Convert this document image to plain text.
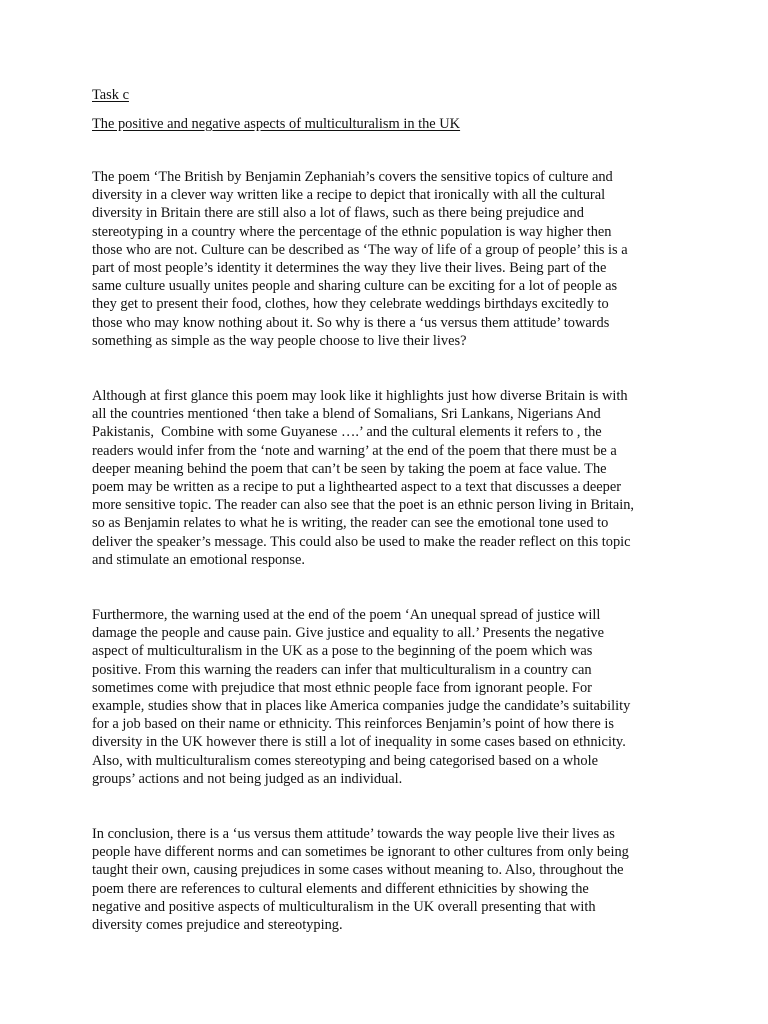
Task c
The positive and negative aspects of multiculturalism in the UK
The poem ‘The British by Benjamin Zephaniah’s covers the sensitive topics of culture and
diversity in a clever way written like a recipe to depict that ironically with all the cultural
diversity in Britain there are still also a lot of flaws, such as there being prejudice and
stereotyping in a country where the percentage of the ethnic population is way higher then
those who are not. Culture can be described as ‘The way of life of a group of people’ this is a
part of most people’s identity it determines the way they live their lives. Being part of the
same culture usually unites people and sharing culture can be exciting for a lot of people as
they get to present their food, clothes, how they celebrate weddings birthdays excitedly to
those who may know nothing about it. So why is there a ‘us versus them attitude’ towards
something as simple as the way people choose to live their lives?
Although at first glance this poem may look like it highlights just how diverse Britain is with
all the countries mentioned ‘then take a blend of Somalians, Sri Lankans, Nigerians And
Pakistanis,  Combine with some Guyanese ….’ and the cultural elements it refers to , the
readers would infer from the ‘note and warning’ at the end of the poem that there must be a
deeper meaning behind the poem that can’t be seen by taking the poem at face value. The
poem may be written as a recipe to put a lighthearted aspect to a text that discusses a deeper
more sensitive topic. The reader can also see that the poet is an ethnic person living in Britain,
so as Benjamin relates to what he is writing, the reader can see the emotional tone used to
deliver the speaker’s message. This could also be used to make the reader reflect on this topic
and stimulate an emotional response.
Furthermore, the warning used at the end of the poem ‘An unequal spread of justice will
damage the people and cause pain. Give justice and equality to all.’ Presents the negative
aspect of multiculturalism in the UK as a pose to the beginning of the poem which was
positive. From this warning the readers can infer that multiculturalism in a country can
sometimes come with prejudice that most ethnic people face from ignorant people. For
example, studies show that in places like America companies judge the candidate’s suitability
for a job based on their name or ethnicity. This reinforces Benjamin’s point of how there is
diversity in the UK however there is still a lot of inequality in some cases based on ethnicity.
Also, with multiculturalism comes stereotyping and being categorised based on a whole
groups’ actions and not being judged as an individual.
In conclusion, there is a ‘us versus them attitude’ towards the way people live their lives as
people have different norms and can sometimes be ignorant to other cultures from only being
taught their own, causing prejudices in some cases without meaning to. Also, throughout the
poem there are references to cultural elements and different ethnicities by showing the
negative and positive aspects of multiculturalism in the UK overall presenting that with
diversity comes prejudice and stereotyping.
